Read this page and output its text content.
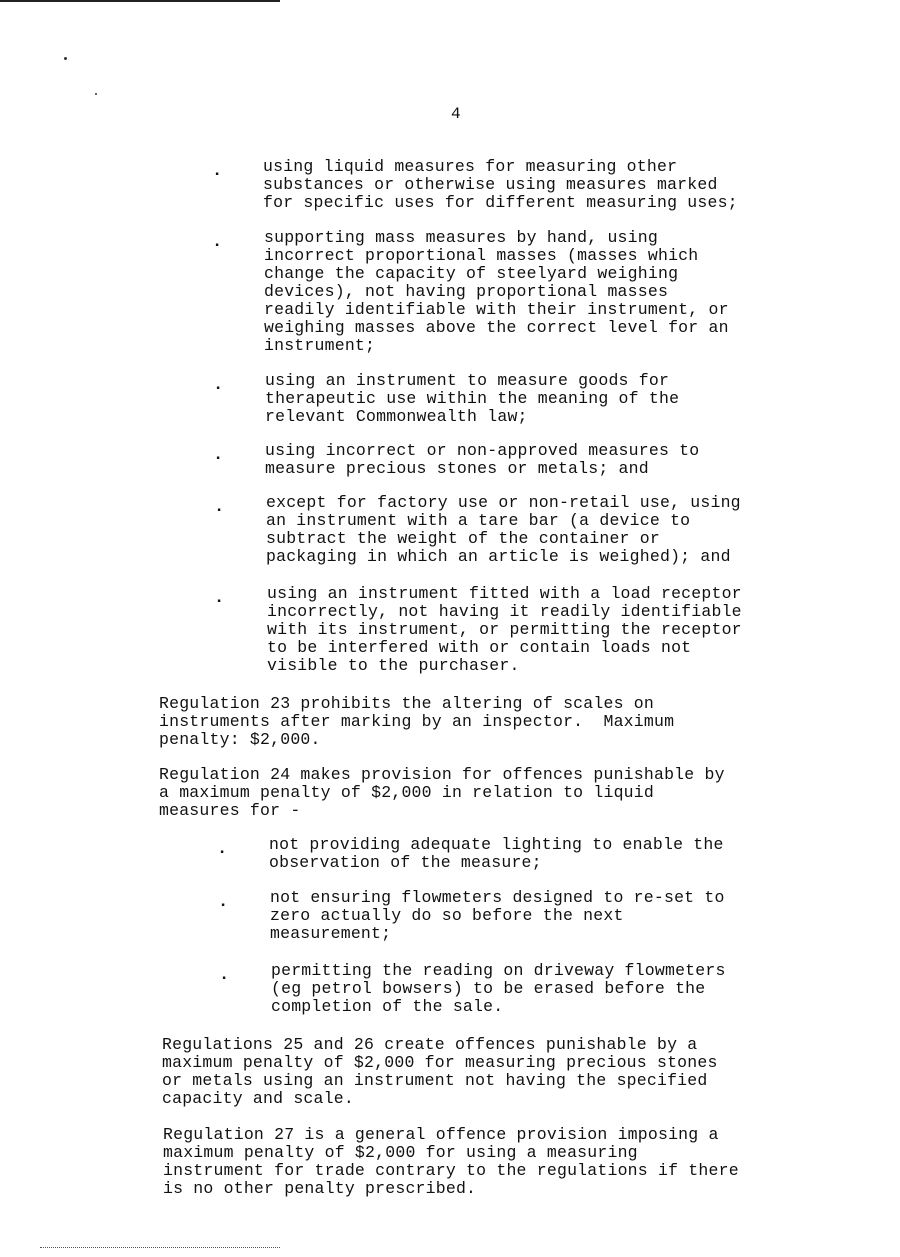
4
. using liquid measures for measuring other
substances or otherwise using measures marked
for specific uses for different measuring uses;

.	supporting mass measures by hand, using
incorrect proportional masses (masses which
change the capacity of steelyard weighing
devices), not having proportional masses
readily identifiable with their instrument, or
weighing masses above the correct level for an
instrument;

.	using an instrument to measure goods for
therapeutic use within the meaning of the
relevant Commonwealth law;

.	using incorrect or non-approved measures to
measure precious stones or metals; and

.	except for factory use or non-retail use, using
an instrument with a tare bar (a device to
subtract the weight of the container or
packaging in which an article is weighed); and

.	using an instrument fitted with a load receptor
incorrectly, not having it readily identifiable
with its instrument, or permitting the receptor
to be interfered with or contain loads not
visible to the purchaser.

Regulation 23 prohibits the altering of scales on
instruments after marking by an inspector.  Maximum
penalty: $2,000.

Regulation 24 makes provision for offences punishable by
a maximum penalty of $2,000 in relation to liquid
measures for -

.	not providing adequate lighting to enable the
observation of the measure;

.	not ensuring flowmeters designed to re-set to
zero actually do so before the next
measurement;

.	permitting the reading on driveway flowmeters
(eg petrol bowsers) to be erased before the
completion of the sale.

Regulations 25 and 26 create offences punishable by a
maximum penalty of $2,000 for measuring precious stones
or metals using an instrument not having the specified
capacity and scale.

Regulation 27 is a general offence provision imposing a
maximum penalty of $2,000 for using a measuring
instrument for trade contrary to the regulations if there
is no other penalty prescribed.
